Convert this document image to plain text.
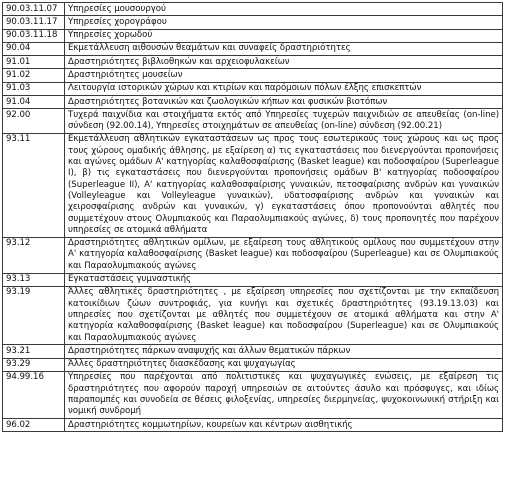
90.03.11.07	Υπηρεσίες μουσουργού
90.03.11.17	Υπηρεσίες χορογράφου
90.03.11.18	Υπηρεσίες χορωδού
90.04	Εκμετάλλευση αιθουσών θεαμάτων και συναφείς δραστηριότητες
91.01	Δραστηριότητες βιβλιοθηκών και αρχειοφυλακείων
91.02	Δραστηριότητες μουσείων
91.03	Λειτουργία ιστορικών χώρων και κτιρίων και παρόμοιων πόλων έλξης επισκεπτών
91.04	Δραστηριότητες βοτανικών και ζωολογικών κήπων και φυσικών βιοτόπων
92.00	Τυχερά παιχνίδια και στοιχήματα εκτός από Υπηρεσίες τυχερών παιχνιδιών σε απευθείας (on-line) σύνδεση (92.00.14), Υπηρεσίες στοιχημάτων σε απευθείας (on-line) σύνδεση (92.00.21)
93.11	Εκμετάλλευση αθλητικών εγκαταστάσεων ως προς τους εσωτερικούς τους χώρους και ως προς τους χώρους ομαδικής άθλησης, με εξαίρεση α) τις εγκαταστάσεις που διενεργούνται προπονήσεις και αγώνες ομάδων Α' κατηγορίας καλαθοσφαίρισης (Basket league) και ποδοσφαίρου (Superleague I), β) τις εγκαταστάσεις που διενεργούνται προπονήσεις ομάδων Β' κατηγορίας ποδοσφαίρου (Superleague II), Α' κατηγορίας καλαθοσφαίρισης γυναικών, πετοσφαίρισης ανδρών και γυναικών (Volleyleague και Volleyleague γυναικών), υδατοσφαίρισης ανδρών και γυναικών και χειροσφαίρισης ανδρών και γυναικών, γ) εγκαταστάσεις όπου προπονούνται αθλητές που συμμετέχουν στους Ολυμπιακούς και Παραολυμπιακούς αγώνες, δ) τους προπονητές που παρέχουν υπηρεσίες σε ατομικά αθλήματα
93.12	Δραστηριότητες αθλητικών ομίλων, με εξαίρεση τους αθλητικούς ομίλους που συμμετέχουν στην Α' κατηγορία καλαθοσφαίρισης (Basket league) και ποδοσφαίρου (Superleague) και σε Ολυμπιακούς και Παραολυμπιακούς αγώνες
93.13	Εγκαταστάσεις γυμναστικής
93.19	Άλλες αθλητικές δραστηριότητες , με εξαίρεση υπηρεσίες που σχετίζονται με την εκπαίδευση κατοικίδιων ζώων συντροφιάς, για κυνήγι και σχετικές δραστηριότητες (93.19.13.03) και υπηρεσίες που σχετίζονται με αθλητές που συμμετέχουν σε ατομικά αθλήματα και στην Α' κατηγορία καλαθοσφαίρισης (Basket league) και ποδοσφαίρου (Superleague) και σε Ολυμπιακούς και Παραολυμπιακούς αγώνες
93.21	Δραστηριότητες πάρκων αναψυχής και άλλων θεματικών πάρκων
93.29	Άλλες δραστηριότητες διασκέδασης και ψυχαγωγίας
94.99.16	Υπηρεσίες που παρέχονται από πολιτιστικές και ψυχαγωγικές ενώσεις, με εξαίρεση τις δραστηριότητες που αφορούν παροχή υπηρεσιών σε αιτούντες άσυλο και πρόσφυγες, και ιδίως παραπομπές και συνοδεία σε θέσεις φιλοξενίας, υπηρεσίες διερμηνείας, ψυχοκοινωνική στήριξη και νομική συνδρομή
96.02	Δραστηριότητες κομμωτηρίων, κουρείων και κέντρων αισθητικής
